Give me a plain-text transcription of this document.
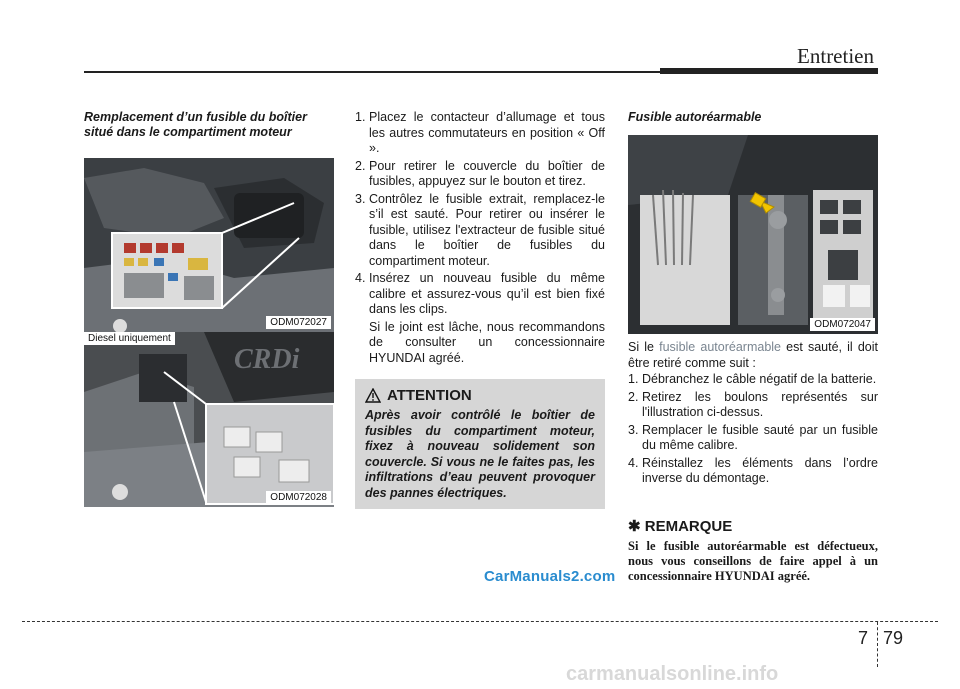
Entretien
Remplacement d’un fusible du boîtier situé dans le compartiment moteur
ODM072027
CRDi
Diesel uniquement
ODM072028
1. Placez le contacteur d’allumage et tous les autres commutateurs en position « Off ».
2. Pour retirer le couvercle du boîtier de fusibles, appuyez sur le bouton et tirez.
3. Contrôlez le fusible extrait, remplacez-le s’il est sauté. Pour retirer ou insérer le fusible, utilisez l'extracteur de fusible situé dans le boîtier de fusibles du compartiment moteur.
4. Insérez un nouveau fusible du même calibre et assurez-vous qu’il est bien fixé dans les clips.
Si le joint est lâche, nous recommandons de consulter un concessionnaire HYUNDAI agréé.
ATTENTION
Après avoir contrôlé le boîtier de fusibles du compartiment moteur, fixez à nouveau solidement son couvercle. Si vous ne le faites pas, les infiltrations d’eau peuvent provoquer des pannes électriques.
Fusible autoréarmable
ODM072047
Si le fusible autoréarmable est sauté, il doit être retiré comme suit :
1. Débranchez le câble négatif de la batterie.
2. Retirez les boulons représentés sur l'illustration ci-dessus.
3. Remplacer le fusible sauté par un fusible du même calibre.
4. Réinstallez les éléments dans l’ordre inverse du démontage.
✱ REMARQUE
Si le fusible autoréarmable est défectueux, nous vous conseillons de faire appel à un concessionnaire HYUNDAI agréé.
CarManuals2.com
7 79
carmanualsonline.info
